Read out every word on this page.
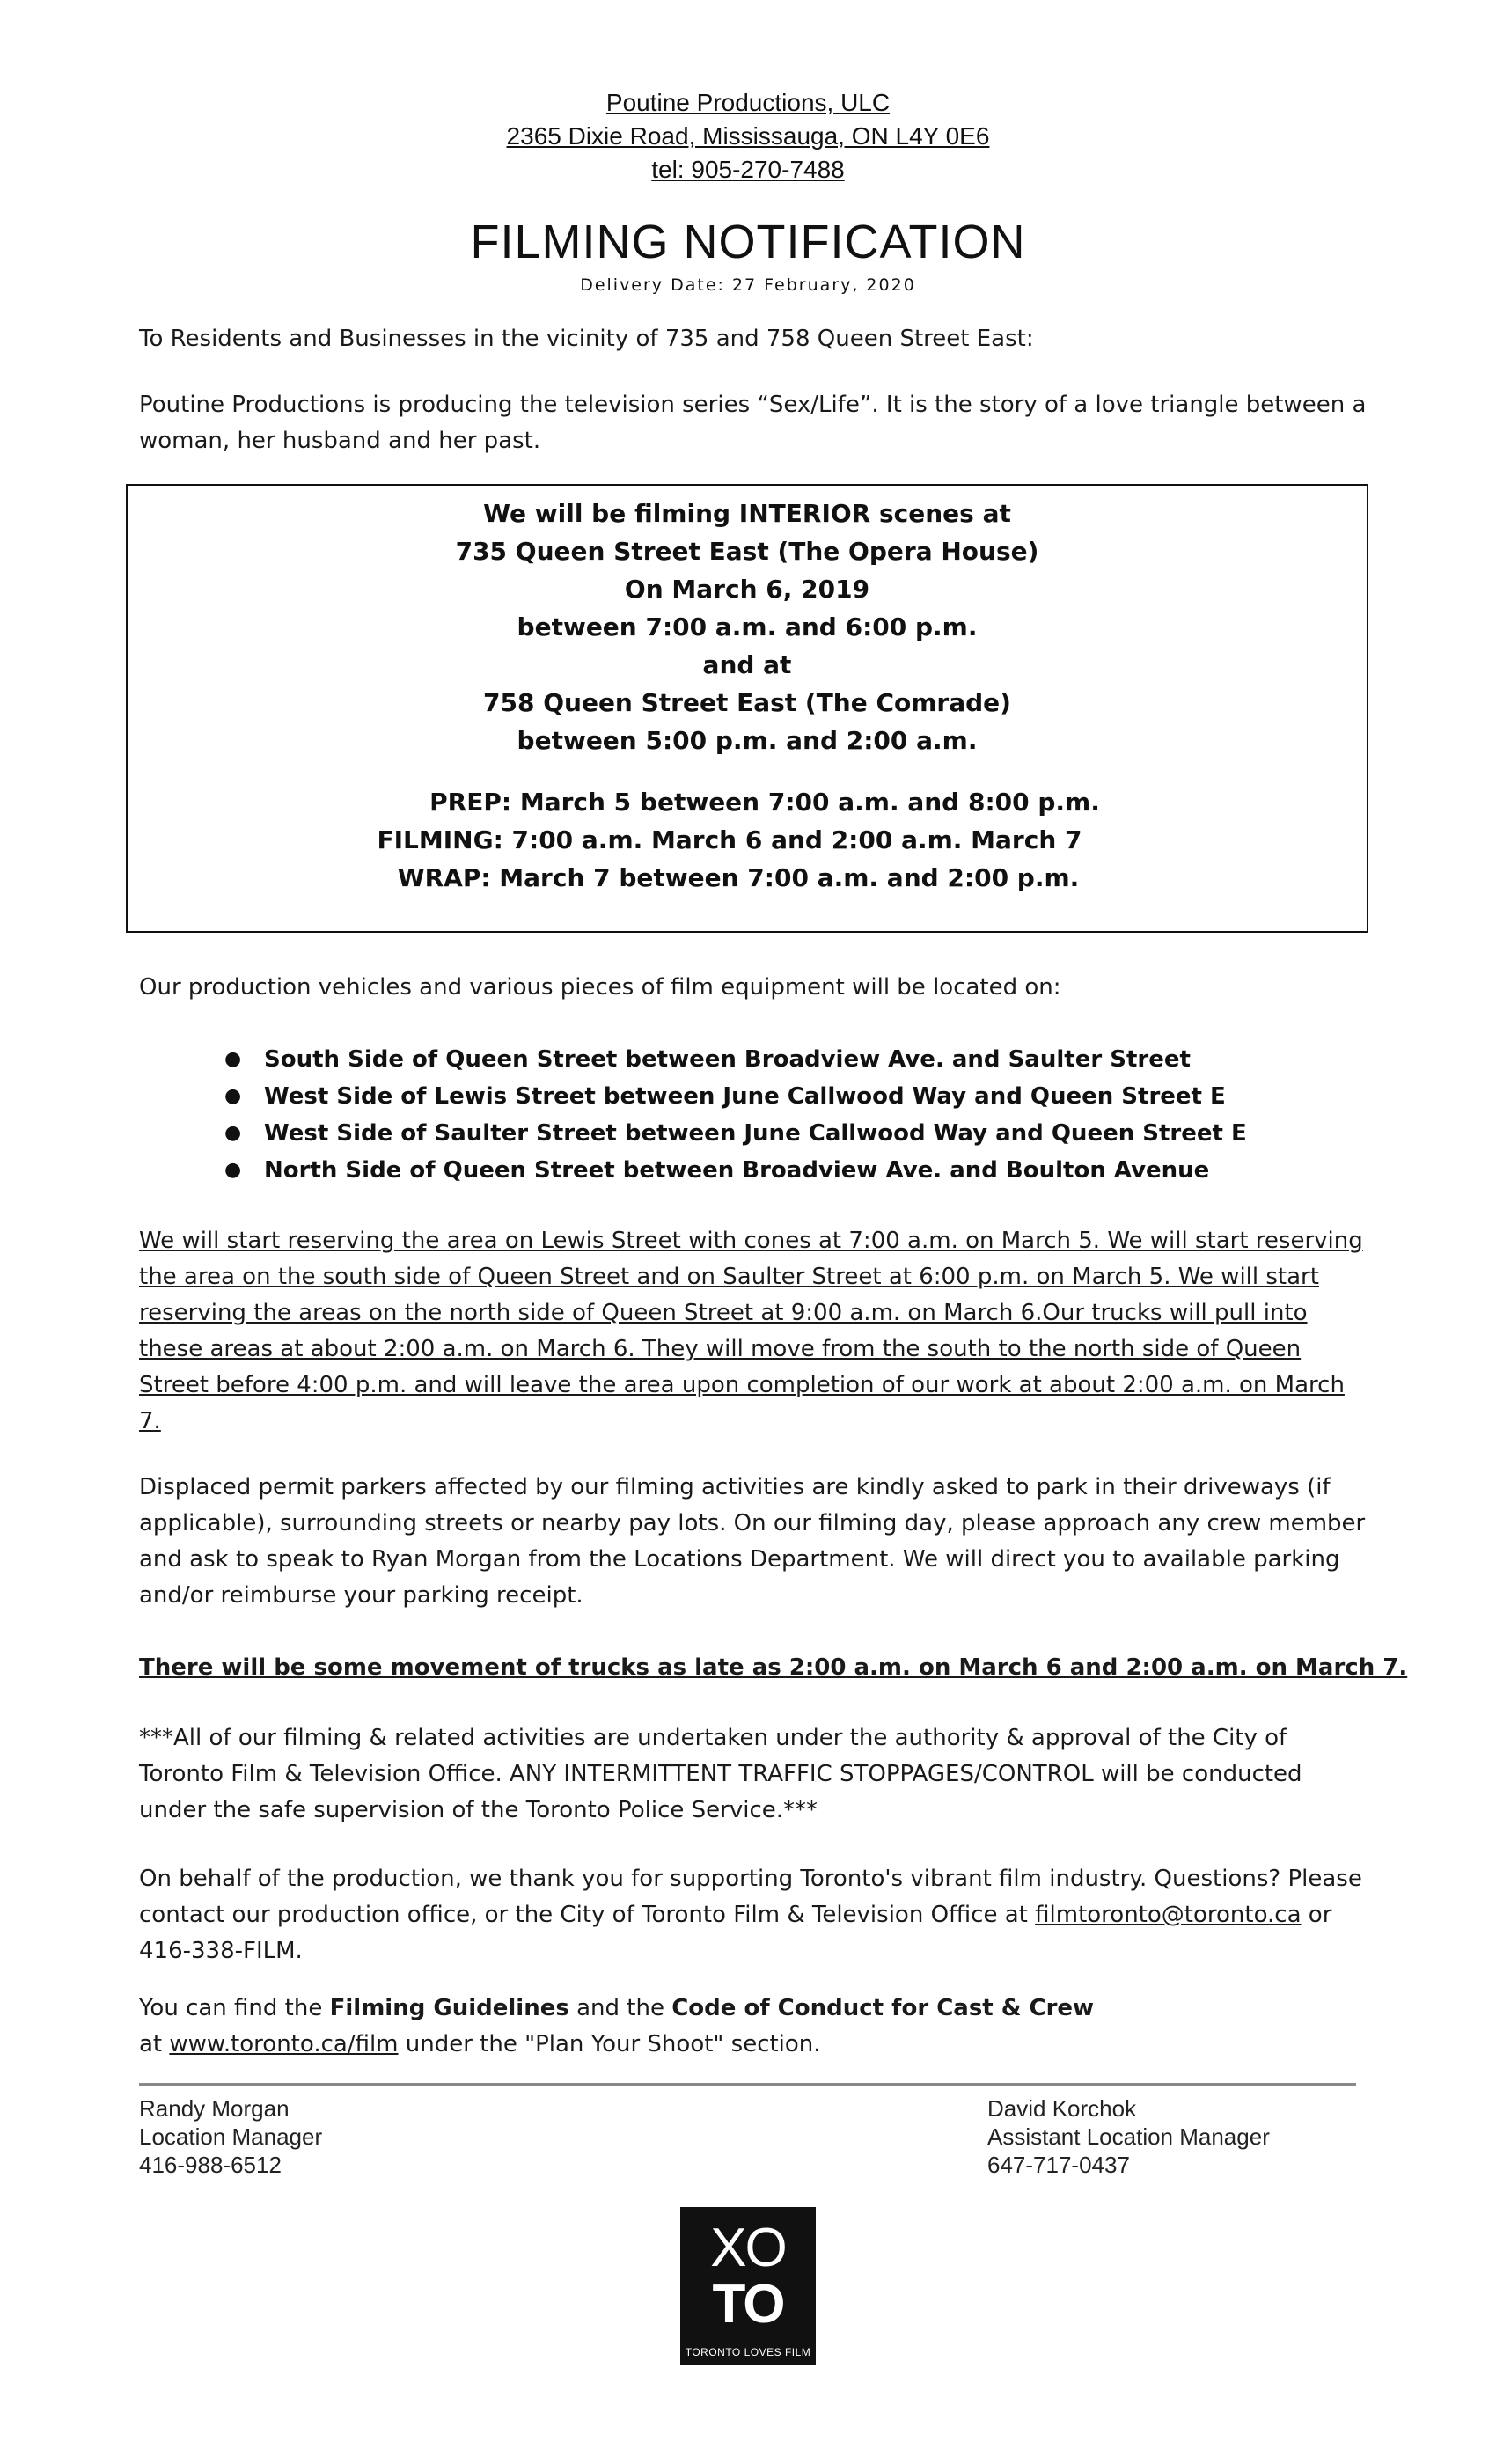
Poutine Productions, ULC
2365 Dixie Road, Mississauga, ON L4Y 0E6
tel: 905-270-7488
FILMING NOTIFICATION
Delivery Date: 27 February, 2020
To Residents and Businesses in the vicinity of 735 and 758 Queen Street East:
Poutine Productions is producing the television series “Sex/Life”. It is the story of a love triangle between a woman, her husband and her past.
We will be filming INTERIOR scenes at
735 Queen Street East (The Opera House)
On March 6, 2019
between 7:00 a.m. and 6:00 p.m.
and at
758 Queen Street East (The Comrade)
between 5:00 p.m. and 2:00 a.m.
PREP: March 5 between 7:00 a.m. and 8:00 p.m.
FILMING: 7:00 a.m. March 6 and 2:00 a.m. March 7
WRAP: March 7 between 7:00 a.m. and 2:00 p.m.
Our production vehicles and various pieces of film equipment will be located on:
● South Side of Queen Street between Broadview Ave. and Saulter Street
● West Side of Lewis Street between June Callwood Way and Queen Street E
● West Side of Saulter Street between June Callwood Way and Queen Street E
● North Side of Queen Street between Broadview Ave. and Boulton Avenue
We will start reserving the area on Lewis Street with cones at 7:00 a.m. on March 5. We will start reserving the area on the south side of Queen Street and on Saulter Street at 6:00 p.m. on March 5. We will start reserving the areas on the north side of Queen Street at 9:00 a.m. on March 6.Our trucks will pull into these areas at about 2:00 a.m. on March 6. They will move from the south to the north side of Queen Street before 4:00 p.m. and will leave the area upon completion of our work at about 2:00 a.m. on March 7.
Displaced permit parkers affected by our filming activities are kindly asked to park in their driveways (if applicable), surrounding streets or nearby pay lots. On our filming day, please approach any crew member and ask to speak to Ryan Morgan from the Locations Department. We will direct you to available parking and/or reimburse your parking receipt.
There will be some movement of trucks as late as 2:00 a.m. on March 6 and 2:00 a.m. on March 7.
***All of our filming & related activities are undertaken under the authority & approval of the City of Toronto Film & Television Office. ANY INTERMITTENT TRAFFIC STOPPAGES/CONTROL will be conducted under the safe supervision of the Toronto Police Service.***
On behalf of the production, we thank you for supporting Toronto's vibrant film industry. Questions? Please contact our production office, or the City of Toronto Film & Television Office at filmtoronto@toronto.ca or 416-338-FILM.
You can find the Filming Guidelines and the Code of Conduct for Cast & Crew
at www.toronto.ca/film under the "Plan Your Shoot" section.
Randy Morgan
Location Manager
416-988-6512
David Korchok
Assistant Location Manager
647-717-0437
XO
TO
TORONTO LOVES FILM
